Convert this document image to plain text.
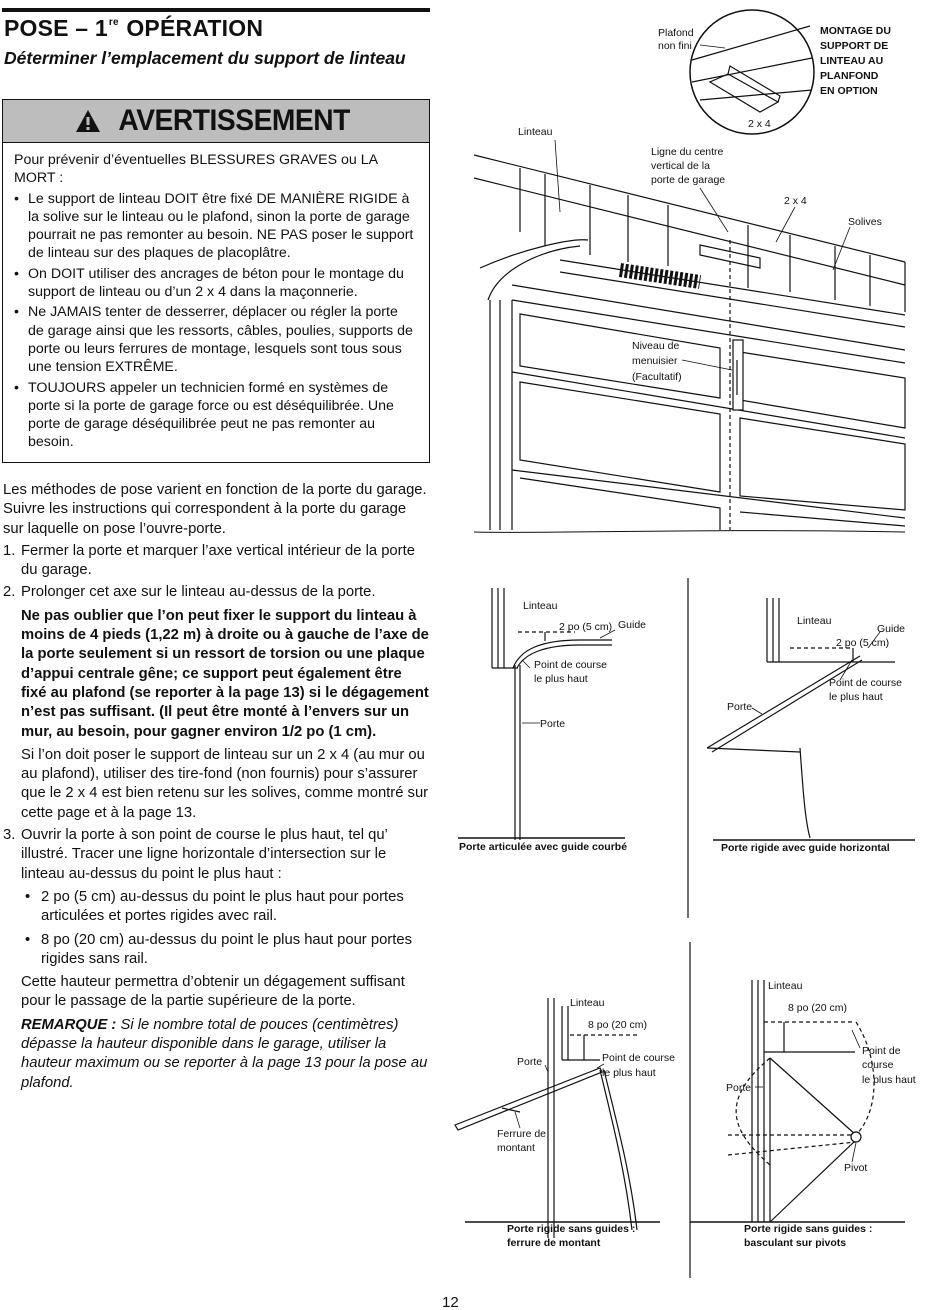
POSE – 1re OPÉRATION
Déterminer l’emplacement du support de linteau
AVERTISSEMENT

Pour prévenir d’éventuelles BLESSURES GRAVES ou LA MORT :

• Le support de linteau DOIT être fixé DE MANIÈRE RIGIDE à la solive sur le linteau ou le plafond, sinon la porte de garage pourrait ne pas remonter au besoin. NE PAS poser le support de linteau sur des plaques de placoplâtre.
• On DOIT utiliser des ancrages de béton pour le montage du support de linteau ou d’un 2 x 4 dans la maçonnerie.
• Ne JAMAIS tenter de desserrer, déplacer ou régler la porte de garage ainsi que les ressorts, câbles, poulies, supports de porte ou leurs ferrures de montage, lesquels sont tous sous une tension EXTRÊME.
• TOUJOURS appeler un technicien formé en systèmes de porte si la porte de garage force ou est déséquilibrée. Une porte de garage déséquilibrée peut ne pas remonter au besoin.

Les méthodes de pose varient en fonction de la porte du garage. Suivre les instructions qui correspondent à la porte du garage sur laquelle on pose l’ouvre-porte.

1. Fermer la porte et marquer l’axe vertical intérieur de la porte du garage.
2. Prolonger cet axe sur le linteau au-dessus de la porte.
Ne pas oublier que l’on peut fixer le support du linteau à moins de 4 pieds (1,22 m) à droite ou à gauche de l’axe de la porte seulement si un ressort de torsion ou une plaque d’appui centrale gêne; ce support peut également être fixé au plafond (se reporter à la page 13) si le dégagement n’est pas suffisant. (Il peut être monté à l’envers sur un mur, au besoin, pour gagner environ 1/2 po (1 cm).
Si l’on doit poser le support de linteau sur un 2 x 4 (au mur ou au plafond), utiliser des tire-fond (non fournis) pour s’assurer que le 2 x 4 est bien retenu sur les solives, comme montré sur cette page et à la page 13.
3. Ouvrir la porte à son point de course le plus haut, tel qu’ illustré. Tracer une ligne horizontale d’intersection sur le linteau au-dessus du point le plus haut :
• 2 po (5 cm) au-dessus du point le plus haut pour portes articulées et portes rigides avec rail.
• 8 po (20 cm) au-dessus du point le plus haut pour portes rigides sans rail.
Cette hauteur permettra d’obtenir un dégagement suffisant pour le passage de la partie supérieure de la porte.
REMARQUE : Si le nombre total de pouces (centimètres) dépasse la hauteur disponible dans le garage, utiliser la hauteur maximum ou se reporter à la page 13 pour la pose au plafond.
12
Plafond
non fini
MONTAGE DU
SUPPORT DE
LINTEAU AU
PLANFOND
EN OPTION
2 x 4
Linteau
Ligne du centre
vertical de la
porte de garage
2 x 4
Solives
Niveau de
menuisier
(Facultatif)
Linteau
2 po (5 cm) Guide
Point de course
le plus haut
Porte
Porte articulée avec guide courbé
Linteau
Guide
2 po (5 cm)
Point de course
le plus haut
Porte
Porte rigide avec guide horizontal
Linteau
8 po (20 cm)
Porte	Point de course
le plus haut
Ferrure de
montant
Porte rigide sans guides :
ferrure de montant
Linteau
8 po (20 cm)
Point de
course
le plus haut
Porte
Pivot
Porte rigide sans guides :
basculant sur pivots
